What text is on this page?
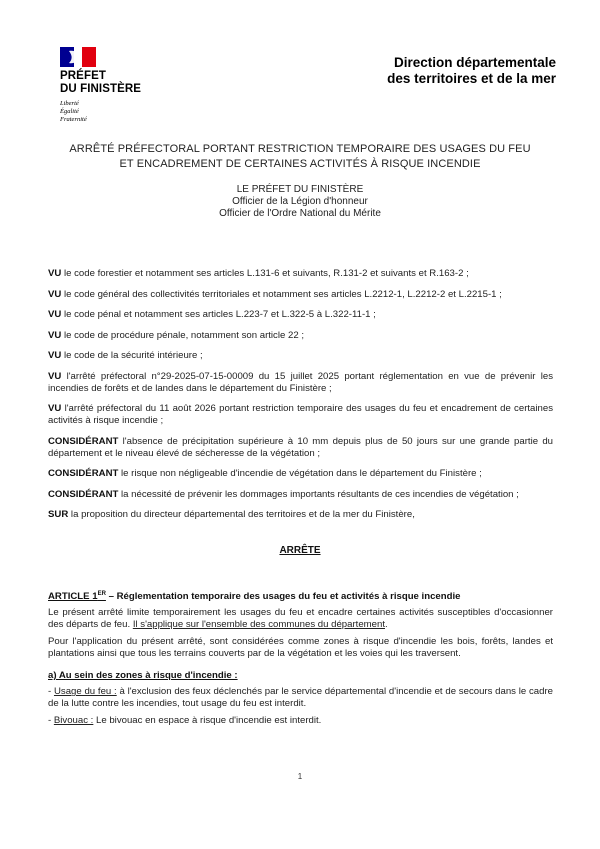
PRÉFET
DU FINISTÈRE
Liberté
Égalité
Fraternité
Direction départementale
des territoires et de la mer
ARRÊTÉ PRÉFECTORAL PORTANT RESTRICTION TEMPORAIRE DES USAGES DU FEU
ET ENCADREMENT DE CERTAINES ACTIVITÉS À RISQUE INCENDIE
LE PRÉFET DU FINISTÈRE
Officier de la Légion d'honneur
Officier de l'Ordre National du Mérite

VU le code forestier et notamment ses articles L.131-6 et suivants, R.131-2 et suivants et R.163-2 ;

VU le code général des collectivités territoriales et notamment ses articles L.2212-1, L.2212-2 et L.2215-1 ;

VU le code pénal et notamment ses articles L.223-7 et L.322-5 à L.322-11-1 ;

VU le code de procédure pénale, notamment son article 22 ;

VU le code de la sécurité intérieure ;

VU l'arrêté préfectoral n°29-2025-07-15-00009 du 15 juillet 2025 portant réglementation en vue de prévenir les incendies de forêts et de landes dans le département du Finistère ;

VU l'arrêté préfectoral du 11 août 2026 portant restriction temporaire des usages du feu et encadrement de certaines activités à risque incendie ;

CONSIDÉRANT l'absence de précipitation supérieure à 10 mm depuis plus de 50 jours sur une grande partie du département et le niveau élevé de sécheresse de la végétation ;

CONSIDÉRANT le risque non négligeable d'incendie de végétation dans le département du Finistère ;

CONSIDÉRANT la nécessité de prévenir les dommages importants résultants de ces incendies de végétation ;

SUR la proposition du directeur départemental des territoires et de la mer du Finistère,

ARRÊTE

ARTICLE 1ER – Réglementation temporaire des usages du feu et activités à risque incendie

Le présent arrêté limite temporairement les usages du feu et encadre certaines activités susceptibles d'occasionner des départs de feu. Il s'applique sur l'ensemble des communes du département.

Pour l'application du présent arrêté, sont considérées comme zones à risque d'incendie les bois, forêts, landes et plantations ainsi que tous les terrains couverts par de la végétation et les voies qui les traversent.

a) Au sein des zones à risque d'incendie :

- Usage du feu : à l'exclusion des feux déclenchés par le service départemental d'incendie et de secours dans le cadre de la lutte contre les incendies, tout usage du feu est interdit.

- Bivouac : Le bivouac en espace à risque d'incendie est interdit.

1
